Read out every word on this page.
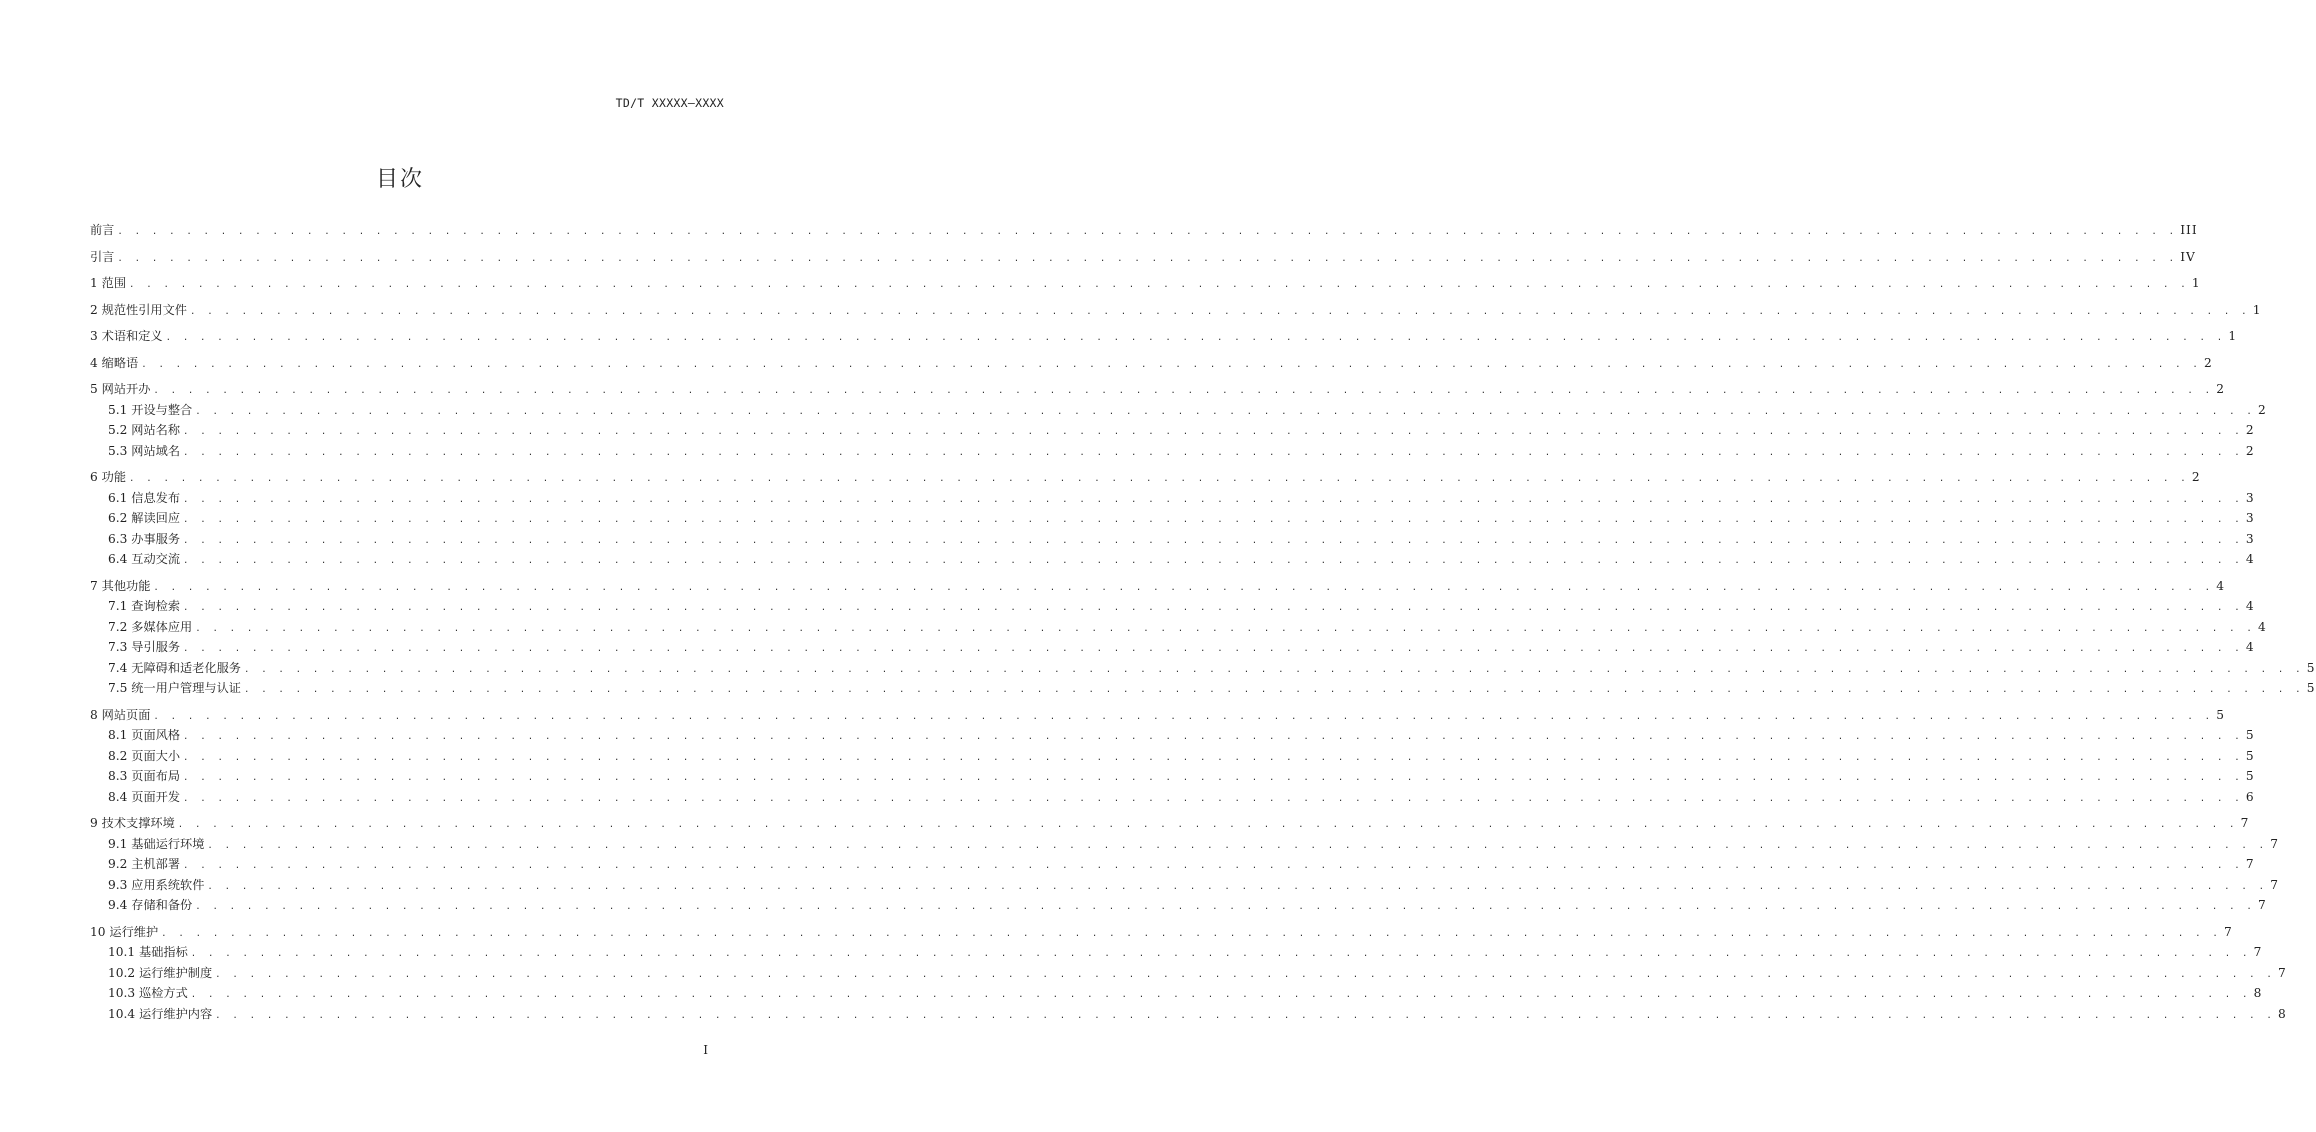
TD/T XXXXX—XXXX
目次
前言 . . . . . . . . . . . . . . . . . . . . . . . . . . . . . . . . . . . . . . . . . . . . . . . . . . . . . . . . . . . . . . . . . . . . . . . . . . . . . . . . . . . . . . . . . . . . . . . . . . . . . . . . . . . . . . . . . . . . . . . . III
引言 . . . . . . . . . . . . . . . . . . . . . . . . . . . . . . . . . . . . . . . . . . . . . . . . . . . . . . . . . . . . . . . . . . . . . . . . . . . . . . . . . . . . . . . . . . . . . . . . . . . . . . . . . . . . . . . . . . . . . . . . IV
1 范围 . . . . . . . . . . . . . . . . . . . . . . . . . . . . . . . . . . . . . . . . . . . . . . . . . . . . . . . . . . . . . . . . . . . . . . . . . . . . . . . . . . . . . . . . . . . . . . . . . . . . . . . . . . . . . . . . . . . . . . . . 1
2 规范性引用文件 . . . . . . . . . . . . . . . . . . . . . . . . . . . . . . . . . . . . . . . . . . . . . . . . . . . . . . . . . . . . . . . . . . . . . . . . . . . . . . . . . . . . . . . . . . . . . . . . . . . . . . . . . . . . . . . . . . . . . . . . 1
3 术语和定义 . . . . . . . . . . . . . . . . . . . . . . . . . . . . . . . . . . . . . . . . . . . . . . . . . . . . . . . . . . . . . . . . . . . . . . . . . . . . . . . . . . . . . . . . . . . . . . . . . . . . . . . . . . . . . . . . . . . . . . . . 1
4 缩略语 . . . . . . . . . . . . . . . . . . . . . . . . . . . . . . . . . . . . . . . . . . . . . . . . . . . . . . . . . . . . . . . . . . . . . . . . . . . . . . . . . . . . . . . . . . . . . . . . . . . . . . . . . . . . . . . . . . . . . . . . 2
5 网站开办 . . . . . . . . . . . . . . . . . . . . . . . . . . . . . . . . . . . . . . . . . . . . . . . . . . . . . . . . . . . . . . . . . . . . . . . . . . . . . . . . . . . . . . . . . . . . . . . . . . . . . . . . . . . . . . . . . . . . . . . . 2
5.1 开设与整合 . . . . . . . . . . . . . . . . . . . . . . . . . . . . . . . . . . . . . . . . . . . . . . . . . . . . . . . . . . . . . . . . . . . . . . . . . . . . . . . . . . . . . . . . . . . . . . . . . . . . . . . . . . . . . . . . . . . . . . . . 2
5.2 网站名称 . . . . . . . . . . . . . . . . . . . . . . . . . . . . . . . . . . . . . . . . . . . . . . . . . . . . . . . . . . . . . . . . . . . . . . . . . . . . . . . . . . . . . . . . . . . . . . . . . . . . . . . . . . . . . . . . . . . . . . . . 2
5.3 网站域名 . . . . . . . . . . . . . . . . . . . . . . . . . . . . . . . . . . . . . . . . . . . . . . . . . . . . . . . . . . . . . . . . . . . . . . . . . . . . . . . . . . . . . . . . . . . . . . . . . . . . . . . . . . . . . . . . . . . . . . . . 2
6 功能 . . . . . . . . . . . . . . . . . . . . . . . . . . . . . . . . . . . . . . . . . . . . . . . . . . . . . . . . . . . . . . . . . . . . . . . . . . . . . . . . . . . . . . . . . . . . . . . . . . . . . . . . . . . . . . . . . . . . . . . . 2
6.1 信息发布 . . . . . . . . . . . . . . . . . . . . . . . . . . . . . . . . . . . . . . . . . . . . . . . . . . . . . . . . . . . . . . . . . . . . . . . . . . . . . . . . . . . . . . . . . . . . . . . . . . . . . . . . . . . . . . . . . . . . . . . . 3
6.2 解读回应 . . . . . . . . . . . . . . . . . . . . . . . . . . . . . . . . . . . . . . . . . . . . . . . . . . . . . . . . . . . . . . . . . . . . . . . . . . . . . . . . . . . . . . . . . . . . . . . . . . . . . . . . . . . . . . . . . . . . . . . . 3
6.3 办事服务 . . . . . . . . . . . . . . . . . . . . . . . . . . . . . . . . . . . . . . . . . . . . . . . . . . . . . . . . . . . . . . . . . . . . . . . . . . . . . . . . . . . . . . . . . . . . . . . . . . . . . . . . . . . . . . . . . . . . . . . . 3
6.4 互动交流 . . . . . . . . . . . . . . . . . . . . . . . . . . . . . . . . . . . . . . . . . . . . . . . . . . . . . . . . . . . . . . . . . . . . . . . . . . . . . . . . . . . . . . . . . . . . . . . . . . . . . . . . . . . . . . . . . . . . . . . . 4
7 其他功能 . . . . . . . . . . . . . . . . . . . . . . . . . . . . . . . . . . . . . . . . . . . . . . . . . . . . . . . . . . . . . . . . . . . . . . . . . . . . . . . . . . . . . . . . . . . . . . . . . . . . . . . . . . . . . . . . . . . . . . . . 4
7.1 查询检索 . . . . . . . . . . . . . . . . . . . . . . . . . . . . . . . . . . . . . . . . . . . . . . . . . . . . . . . . . . . . . . . . . . . . . . . . . . . . . . . . . . . . . . . . . . . . . . . . . . . . . . . . . . . . . . . . . . . . . . . . 4
7.2 多媒体应用 . . . . . . . . . . . . . . . . . . . . . . . . . . . . . . . . . . . . . . . . . . . . . . . . . . . . . . . . . . . . . . . . . . . . . . . . . . . . . . . . . . . . . . . . . . . . . . . . . . . . . . . . . . . . . . . . . . . . . . . . 4
7.3 导引服务 . . . . . . . . . . . . . . . . . . . . . . . . . . . . . . . . . . . . . . . . . . . . . . . . . . . . . . . . . . . . . . . . . . . . . . . . . . . . . . . . . . . . . . . . . . . . . . . . . . . . . . . . . . . . . . . . . . . . . . . . 4
7.4 无障碍和适老化服务 . . . . . . . . . . . . . . . . . . . . . . . . . . . . . . . . . . . . . . . . . . . . . . . . . . . . . . . . . . . . . . . . . . . . . . . . . . . . . . . . . . . . . . . . . . . . . . . . . . . . . . . . . . . . . . . . . . . . . . . . 5
7.5 统一用户管理与认证 . . . . . . . . . . . . . . . . . . . . . . . . . . . . . . . . . . . . . . . . . . . . . . . . . . . . . . . . . . . . . . . . . . . . . . . . . . . . . . . . . . . . . . . . . . . . . . . . . . . . . . . . . . . . . . . . . . . . . . . . 5
8 网站页面 . . . . . . . . . . . . . . . . . . . . . . . . . . . . . . . . . . . . . . . . . . . . . . . . . . . . . . . . . . . . . . . . . . . . . . . . . . . . . . . . . . . . . . . . . . . . . . . . . . . . . . . . . . . . . . . . . . . . . . . . 5
8.1 页面风格 . . . . . . . . . . . . . . . . . . . . . . . . . . . . . . . . . . . . . . . . . . . . . . . . . . . . . . . . . . . . . . . . . . . . . . . . . . . . . . . . . . . . . . . . . . . . . . . . . . . . . . . . . . . . . . . . . . . . . . . . 5
8.2 页面大小 . . . . . . . . . . . . . . . . . . . . . . . . . . . . . . . . . . . . . . . . . . . . . . . . . . . . . . . . . . . . . . . . . . . . . . . . . . . . . . . . . . . . . . . . . . . . . . . . . . . . . . . . . . . . . . . . . . . . . . . . 5
8.3 页面布局 . . . . . . . . . . . . . . . . . . . . . . . . . . . . . . . . . . . . . . . . . . . . . . . . . . . . . . . . . . . . . . . . . . . . . . . . . . . . . . . . . . . . . . . . . . . . . . . . . . . . . . . . . . . . . . . . . . . . . . . . 5
8.4 页面开发 . . . . . . . . . . . . . . . . . . . . . . . . . . . . . . . . . . . . . . . . . . . . . . . . . . . . . . . . . . . . . . . . . . . . . . . . . . . . . . . . . . . . . . . . . . . . . . . . . . . . . . . . . . . . . . . . . . . . . . . . 6
9 技术支撑环境 . . . . . . . . . . . . . . . . . . . . . . . . . . . . . . . . . . . . . . . . . . . . . . . . . . . . . . . . . . . . . . . . . . . . . . . . . . . . . . . . . . . . . . . . . . . . . . . . . . . . . . . . . . . . . . . . . . . . . . . . 7
9.1 基础运行环境 . . . . . . . . . . . . . . . . . . . . . . . . . . . . . . . . . . . . . . . . . . . . . . . . . . . . . . . . . . . . . . . . . . . . . . . . . . . . . . . . . . . . . . . . . . . . . . . . . . . . . . . . . . . . . . . . . . . . . . . . 7
9.2 主机部署 . . . . . . . . . . . . . . . . . . . . . . . . . . . . . . . . . . . . . . . . . . . . . . . . . . . . . . . . . . . . . . . . . . . . . . . . . . . . . . . . . . . . . . . . . . . . . . . . . . . . . . . . . . . . . . . . . . . . . . . . 7
9.3 应用系统软件 . . . . . . . . . . . . . . . . . . . . . . . . . . . . . . . . . . . . . . . . . . . . . . . . . . . . . . . . . . . . . . . . . . . . . . . . . . . . . . . . . . . . . . . . . . . . . . . . . . . . . . . . . . . . . . . . . . . . . . . . 7
9.4 存储和备份 . . . . . . . . . . . . . . . . . . . . . . . . . . . . . . . . . . . . . . . . . . . . . . . . . . . . . . . . . . . . . . . . . . . . . . . . . . . . . . . . . . . . . . . . . . . . . . . . . . . . . . . . . . . . . . . . . . . . . . . . 7
10 运行维护 . . . . . . . . . . . . . . . . . . . . . . . . . . . . . . . . . . . . . . . . . . . . . . . . . . . . . . . . . . . . . . . . . . . . . . . . . . . . . . . . . . . . . . . . . . . . . . . . . . . . . . . . . . . . . . . . . . . . . . . . 7
10.1 基础指标 . . . . . . . . . . . . . . . . . . . . . . . . . . . . . . . . . . . . . . . . . . . . . . . . . . . . . . . . . . . . . . . . . . . . . . . . . . . . . . . . . . . . . . . . . . . . . . . . . . . . . . . . . . . . . . . . . . . . . . . . 7
10.2 运行维护制度 . . . . . . . . . . . . . . . . . . . . . . . . . . . . . . . . . . . . . . . . . . . . . . . . . . . . . . . . . . . . . . . . . . . . . . . . . . . . . . . . . . . . . . . . . . . . . . . . . . . . . . . . . . . . . . . . . . . . . . . . 7
10.3 巡检方式 . . . . . . . . . . . . . . . . . . . . . . . . . . . . . . . . . . . . . . . . . . . . . . . . . . . . . . . . . . . . . . . . . . . . . . . . . . . . . . . . . . . . . . . . . . . . . . . . . . . . . . . . . . . . . . . . . . . . . . . . 8
10.4 运行维护内容 . . . . . . . . . . . . . . . . . . . . . . . . . . . . . . . . . . . . . . . . . . . . . . . . . . . . . . . . . . . . . . . . . . . . . . . . . . . . . . . . . . . . . . . . . . . . . . . . . . . . . . . . . . . . . . . . . . . . . . . . 8
I
